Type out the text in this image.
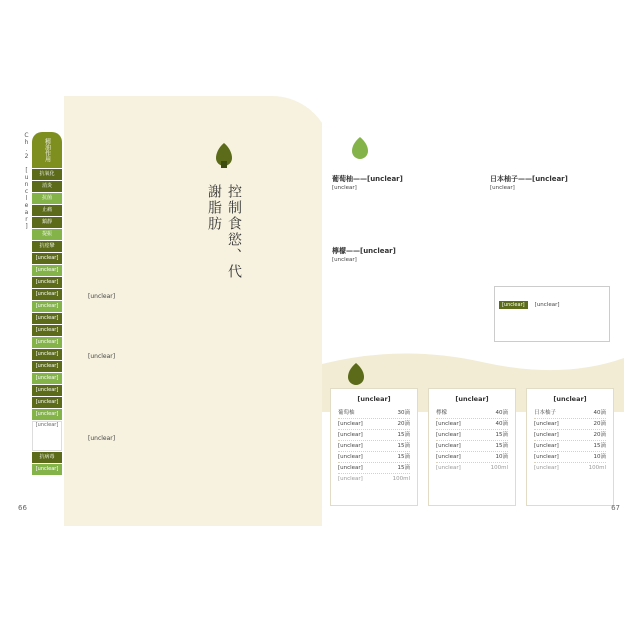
Ch.2 [unclear]	精油作用
抗氧化
消炎
抗菌
止痛
鎮靜
提振
抗痙攣
[unclear]
[unclear]
[unclear]
[unclear]
[unclear]
[unclear]
[unclear]
[unclear]
[unclear]
[unclear]
[unclear]
[unclear]
[unclear]
[unclear]
[unclear]
抗病毒
[unclear]
控制食慾、代謝脂肪
[unclear]
[unclear]
[unclear]
66
葡萄柚——[unclear]
[unclear]
檸檬——[unclear]
[unclear]
日本柚子——[unclear]
[unclear]
[unclear] [unclear]
[unclear]
葡萄柚	30滴
[unclear]	20滴
[unclear]	15滴
[unclear]	15滴
[unclear]	15滴
[unclear]	15滴
[unclear]	100ml
[unclear]
檸檬	40滴
[unclear]	40滴
[unclear]	15滴
[unclear]	15滴
[unclear]	10滴
[unclear]	100ml
[unclear]
日本柚子	40滴
[unclear]	20滴
[unclear]	20滴
[unclear]	15滴
[unclear]	10滴
[unclear]	100ml
67
